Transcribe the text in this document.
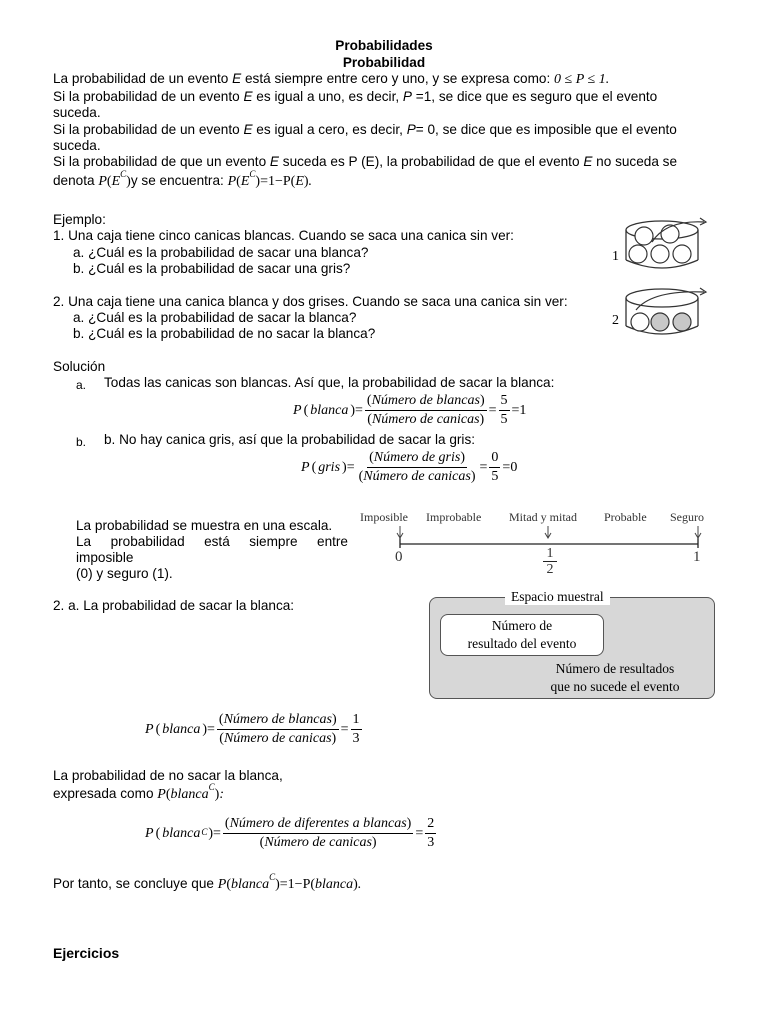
Probabilidades
Probabilidad
La probabilidad de un evento E está siempre entre cero y uno, y se expresa como: 0 ≤ P ≤ 1.
Si la probabilidad de un evento E es igual a uno, es decir, P =1, se dice que es seguro que el evento
suceda.
Si la probabilidad de un evento E es igual a cero, es decir, P= 0, se dice que es imposible que el evento
suceda.
Si la probabilidad de que un evento E suceda es P (E), la probabilidad de que el evento E no suceda se
denota $P(E^C)y$ se encuentra: $P(E^C)=1-P(E)$.
Ejemplo:
1. Una caja tiene cinco canicas blancas. Cuando se saca una canica sin ver:
a. ¿Cuál es la probabilidad de sacar una blanca?
b. ¿Cuál es la probabilidad de sacar una gris?
2. Una caja tiene una canica blanca y dos grises. Cuando se saca una canica sin ver:
a. ¿Cuál es la probabilidad de sacar la blanca?
b. ¿Cuál es la probabilidad de no sacar la blanca?
1
2
Solución
a. Todas las canicas son blancas. Así que, la probabilidad de sacar la blanca:
P ( blanca )= $\frac{\text{(Número de blancas)}}{\text{(Número de canicas)}} = \frac{5}{5} =1$
b. b. No hay canica gris, así que la probabilidad de sacar la gris:
P ( gris )= $\frac{\text{(Número de gris)}}{\text{(Número de canicas)}} = \frac{0}{5} =0$
La probabilidad se muestra en una escala.
La probabilidad está siempre entre
imposible
(0) y seguro (1).
Imposible Improbable Mitad y mitad Probable Seguro
0	$\frac{1}{2}$	1
2. a. La probabilidad de sacar la blanca:
Espacio muestral
Número de
resultado del evento
Número de resultados
que no sucede el evento
P ( blanca )= $\frac{\text{(Número de blancas)}}{\text{(Número de canicas)}} = \frac{1}{3}$
La probabilidad de no sacar la blanca,
expresada como P(blanca$^C$):
P ( blanca$^C$ )= $\frac{\text{(Número de diferentes a blancas)}}{\text{(Número de canicas)}} = \frac{2}{3}$
Por tanto, se concluye que P(blanca$^C$)=1−P(blanca).
Ejercicios
